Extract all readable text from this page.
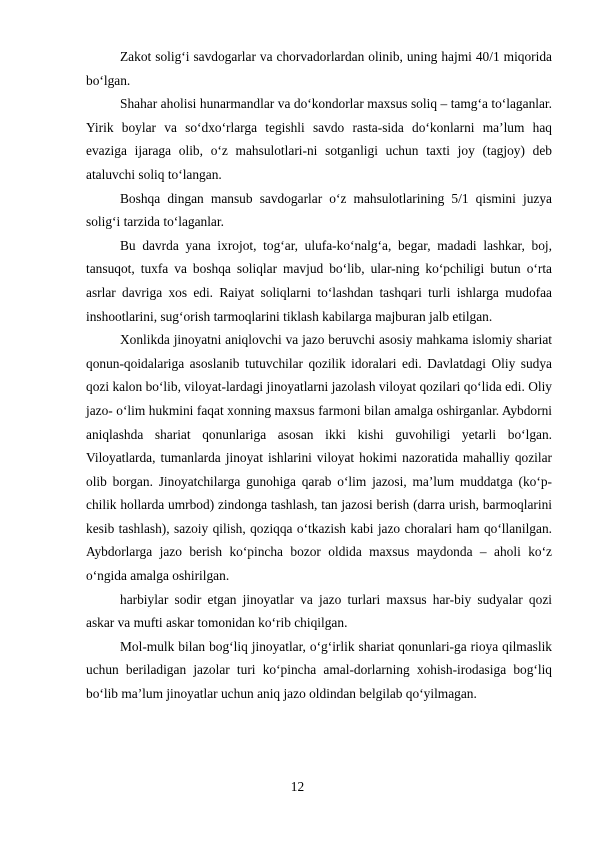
Zakot solig‘i savdogarlar va chorvadorlardan olinib, uning hajmi 40/1 miqorida bo‘lgan.

Shahar aholisi hunarmandlar va do‘kondorlar maxsus soliq – tamg‘a to‘laganlar. Yirik boylar va so‘dxo‘rlarga tegishli savdo rasta-sida do‘konlarni ma’lum haq evaziga ijaraga olib, o‘z mahsulotlari-ni sotganligi uchun taxti joy (tagjoy) deb ataluvchi soliq to‘langan.

Boshqa dingan mansub savdogarlar o‘z mahsulotlarining 5/1 qismini juzya solig‘i tarzida to‘laganlar.

Bu davrda yana ixrojot, tog‘ar, ulufa-ko‘nalg‘a, begar, madadi lashkar, boj, tansuqot, tuxfa va boshqa soliqlar mavjud bo‘lib, ular-ning ko‘pchiligi butun o‘rta asrlar davriga xos edi. Raiyat soliqlarni to‘lashdan tashqari turli ishlarga mudofaa inshootlarini, sug‘orish tarmoqlarini tiklash kabilarga majburan jalb etilgan.

Xonlikda jinoyatni aniqlovchi va jazo beruvchi asosiy mahkama islomiy shariat qonun-qoidalariga asoslanib tutuvchilar qozilik idoralari edi. Davlatdagi Oliy sudya qozi kalon bo‘lib, viloyat-lardagi jinoyatlarni jazolash viloyat qozilari qo‘lida edi. Oliy jazo- o‘lim hukmini faqat xonning maxsus farmoni bilan amalga oshirganlar. Aybdorni aniqlashda shariat qonunlariga asosan ikki kishi guvohiligi yetarli bo‘lgan. Viloyatlarda, tumanlarda jinoyat ishlarini viloyat hokimi nazoratida mahalliy qozilar olib borgan. Jinoyatchilarga gunohiga qarab o‘lim jazosi, ma’lum muddatga (ko‘p-chilik hollarda umrbod) zindonga tashlash, tan jazosi berish (darra urish, barmoqlarini kesib tashlash), sazoiy qilish, qoziqqa o‘tkazish kabi jazo choralari ham qo‘llanilgan. Aybdorlarga jazo berish ko‘pincha bozor oldida maxsus maydonda – aholi ko‘z o‘ngida amalga oshirilgan.

harbiylar sodir etgan jinoyatlar va jazo turlari maxsus har-biy sudyalar qozi askar va mufti askar tomonidan ko‘rib chiqilgan.

Mol-mulk bilan bog‘liq jinoyatlar, o‘g‘irlik shariat qonunlari-ga rioya qilmaslik uchun beriladigan jazolar turi ko‘pincha amal-dorlarning xohish-irodasiga bog‘liq bo‘lib ma’lum jinoyatlar uchun aniq jazo oldindan belgilab qo‘yilmagan.

12
